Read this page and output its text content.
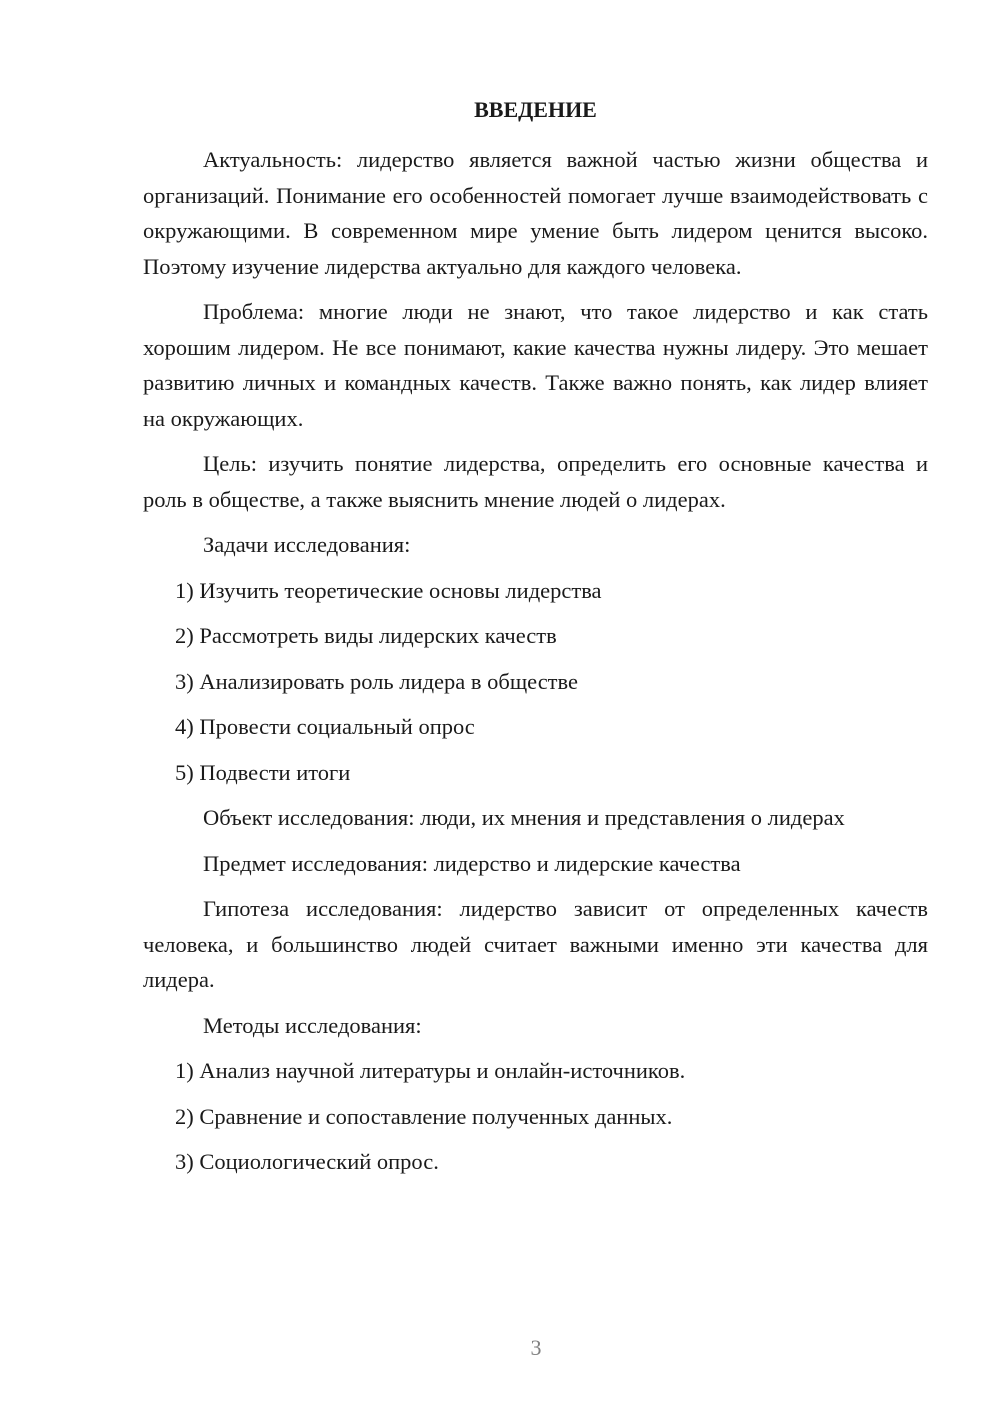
ВВЕДЕНИЕ

Актуальность: лидерство является важной частью жизни общества и организаций. Понимание его особенностей помогает лучше взаимодействовать с окружающими. В современном мире умение быть лидером ценится высоко. Поэтому изучение лидерства актуально для каждого человека.

Проблема: многие люди не знают, что такое лидерство и как стать хорошим лидером. Не все понимают, какие качества нужны лидеру. Это мешает развитию личных и командных качеств. Также важно понять, как лидер влияет на окружающих.

Цель: изучить понятие лидерства, определить его основные качества и роль в обществе, а также выяснить мнение людей о лидерах.

Задачи исследования:
1) Изучить теоретические основы лидерства
2) Рассмотреть виды лидерских качеств
3) Анализировать роль лидера в обществе
4) Провести социальный опрос
5) Подвести итоги
Объект исследования: люди, их мнения и представления о лидерах
Предмет исследования: лидерство и лидерские качества

Гипотеза исследования: лидерство зависит от определенных качеств человека, и большинство людей считает важными именно эти качества для лидера.

Методы исследования:
1) Анализ научной литературы и онлайн-источников.
2) Сравнение и сопоставление полученных данных.
3) Социологический опрос.
3
